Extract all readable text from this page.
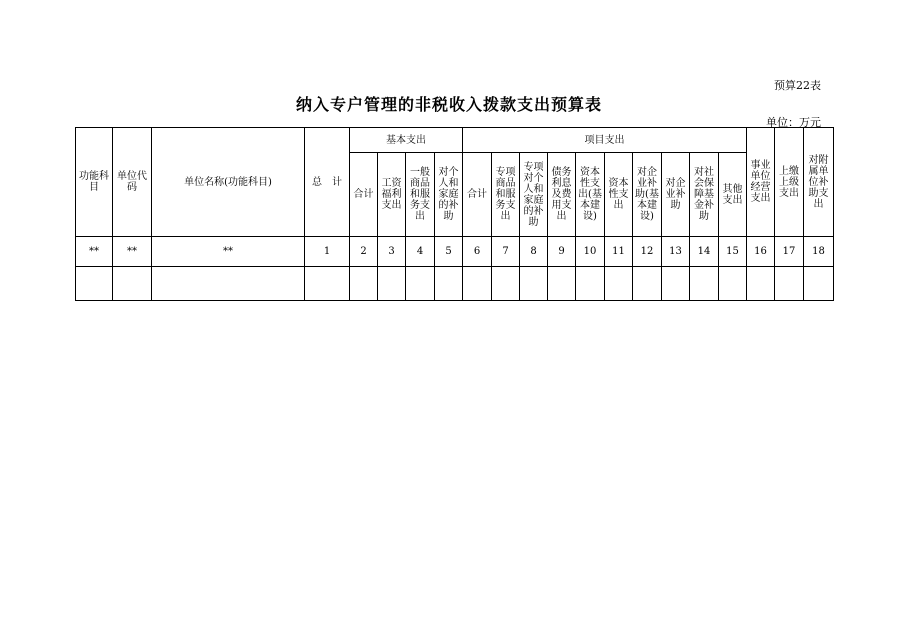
预算22表
纳入专户管理的非税收入拨款支出预算表
单位：万元
功能科目	单位代码	单位名称(功能科目)	总　计	基本支出				项目支出										事业单位经营支出	上缴上级支出	对附属单位补助支出
				合计	工资福利支出	一般商品和服务支出	对个人和家庭的补助	合计	专项商品和服务支出	专项对个人和家庭的补助	债务利息及费用支出	资本性支出(基本建设)	资本性支出	对企业补助(基本建设)	对企业补助	对社会保障基金补助	其他支出			
**	**	**	1	2	3	4	5	6	7	8	9	10	11	12	13	14	15	16	17	18
